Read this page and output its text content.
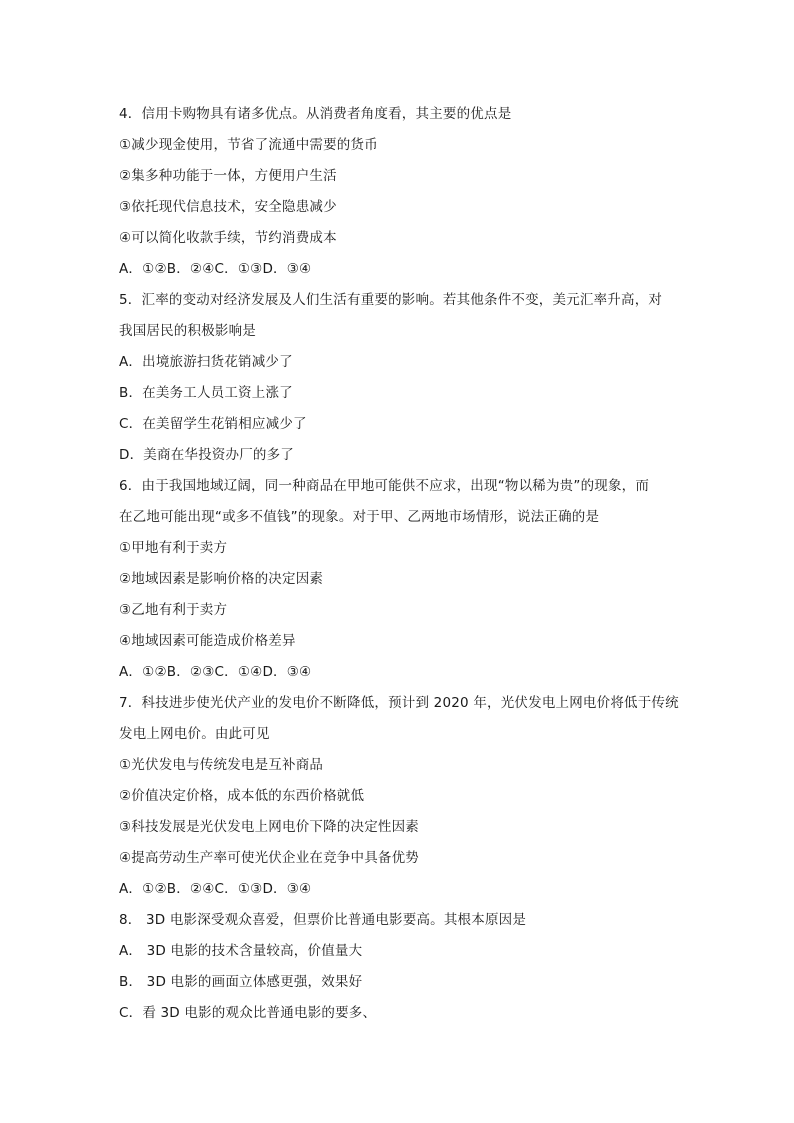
4．信用卡购物具有诸多优点。从消费者角度看，其主要的优点是
①减少现金使用，节省了流通中需要的货币
②集多种功能于一体，方便用户生活
③依托现代信息技术，安全隐患减少
④可以简化收款手续，节约消费成本
A．①②B．②④C．①③D．③④
5．汇率的变动对经济发展及人们生活有重要的影响。若其他条件不变，美元汇率升高，对
我国居民的积极影响是
A．出境旅游扫货花销减少了
B．在美务工人员工资上涨了
C．在美留学生花销相应减少了
D．美商在华投资办厂的多了
6．由于我国地域辽阔，同一种商品在甲地可能供不应求，出现“物以稀为贵”的现象，而
在乙地可能出现“或多不值钱”的现象。对于甲、乙两地市场情形，说法正确的是
①甲地有利于卖方
②地域因素是影响价格的决定因素
③乙地有利于卖方
④地域因素可能造成价格差异
A．①②B．②③C．①④D．③④
7．科技进步使光伏产业的发电价不断降低，预计到 2020 年，光伏发电上网电价将低于传统
发电上网电价。由此可见
①光伏发电与传统发电是互补商品
②价值决定价格，成本低的东西价格就低
③科技发展是光伏发电上网电价下降的决定性因素
④提高劳动生产率可使光伏企业在竞争中具备优势
A．①②B．②④C．①③D．③④
8． 3D 电影深受观众喜爱，但票价比普通电影要高。其根本原因是
A． 3D 电影的技术含量较高，价值量大
B． 3D 电影的画面立体感更强，效果好
C．看 3D 电影的观众比普通电影的要多、
